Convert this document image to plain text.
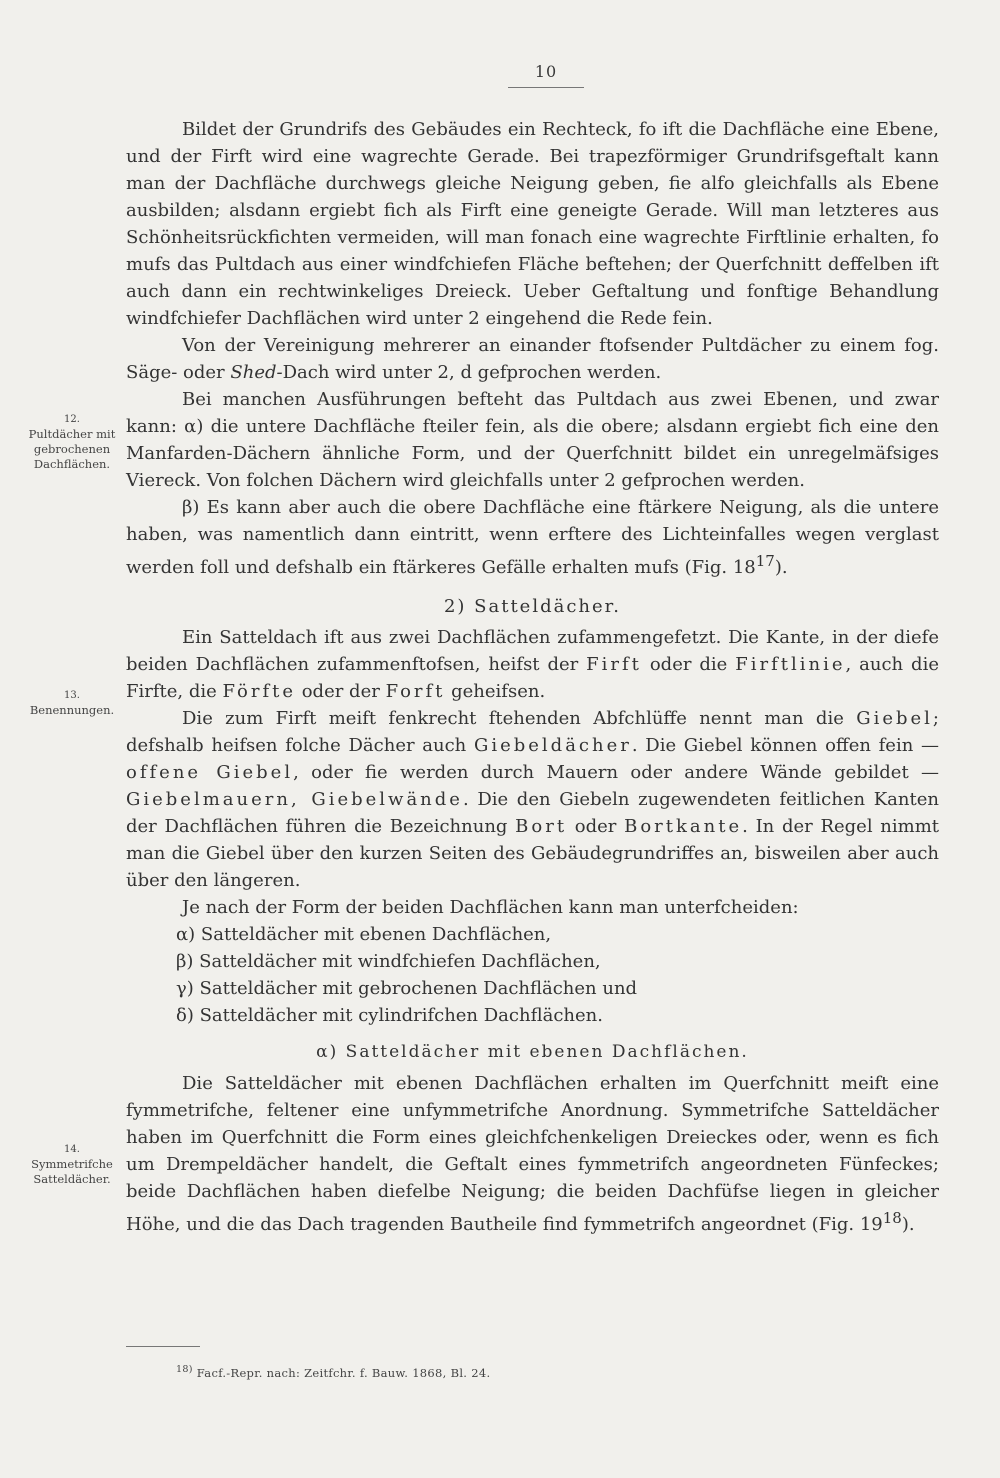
10
12.
Pultdächer mit gebrochenen Dachflächen.
13.
Benennungen.
14.
Symmetrifche Satteldächer.

Bildet der Grundrifs des Gebäudes ein Rechteck, fo ift die Dachfläche eine Ebene, und der Firft wird eine wagrechte Gerade. Bei trapezförmiger Grundrifsgeftalt kann man der Dachfläche durchwegs gleiche Neigung geben, fie alfo gleichfalls als Ebene ausbilden; alsdann ergiebt fich als Firft eine geneigte Gerade. Will man letzteres aus Schönheitsrückfichten vermeiden, will man fonach eine wagrechte Firftlinie erhalten, fo mufs das Pultdach aus einer windfchiefen Fläche beftehen; der Querfchnitt deffelben ift auch dann ein rechtwinkeliges Dreieck. Ueber Geftaltung und fonftige Behandlung windfchiefer Dachflächen wird unter 2 eingehend die Rede fein.

Von der Vereinigung mehrerer an einander ftofsender Pultdächer zu einem fog. Säge- oder Shed-Dach wird unter 2, d gefprochen werden.

Bei manchen Ausführungen befteht das Pultdach aus zwei Ebenen, und zwar kann: α) die untere Dachfläche fteiler fein, als die obere; alsdann ergiebt fich eine den Manfarden-Dächern ähnliche Form, und der Querfchnitt bildet ein unregelmäfsiges Viereck. Von folchen Dächern wird gleichfalls unter 2 gefprochen werden.

β) Es kann aber auch die obere Dachfläche eine ftärkere Neigung, als die untere haben, was namentlich dann eintritt, wenn erftere des Lichteinfalles wegen verglast werden foll und defshalb ein ftärkeres Gefälle erhalten mufs (Fig. $18^{17}$).

2) Satteldächer.

Ein Satteldach ift aus zwei Dachflächen zufammengefetzt. Die Kante, in der diefe beiden Dachflächen zufammenftofsen, heifst der Firft oder die Firftlinie, auch die Firfte, die Förfte oder der Forft geheifsen.

Die zum Firft meift fenkrecht ftehenden Abfchlüffe nennt man die Giebel; defshalb heifsen folche Dächer auch Giebeldächer. Die Giebel können offen fein — offene Giebel, oder fie werden durch Mauern oder andere Wände gebildet — Giebelmauern, Giebelwände. Die den Giebeln zugewendeten feitlichen Kanten der Dachflächen führen die Bezeichnung Bort oder Bortkante. In der Regel nimmt man die Giebel über den kurzen Seiten des Gebäudegrundriffes an, bisweilen aber auch über den längeren.

Je nach der Form der beiden Dachflächen kann man unterfcheiden:

α) Satteldächer mit ebenen Dachflächen,

β) Satteldächer mit windfchiefen Dachflächen,

γ) Satteldächer mit gebrochenen Dachflächen und

δ) Satteldächer mit cylindrifchen Dachflächen.

α) Satteldächer mit ebenen Dachflächen.

Die Satteldächer mit ebenen Dachflächen erhalten im Querfchnitt meift eine fymmetrifche, feltener eine unfymmetrifche Anordnung. Symmetrifche Satteldächer haben im Querfchnitt die Form eines gleichfchenkeligen Dreieckes oder, wenn es fich um Drempeldächer handelt, die Geftalt eines fymmetrifch angeordneten Fünfeckes; beide Dachflächen haben diefelbe Neigung; die beiden Dachfüfse liegen in gleicher Höhe, und die das Dach tragenden Bautheile find fymmetrifch angeordnet (Fig. $19^{18}$).

$^{18)}$ Facf.-Repr. nach: Zeitfchr. f. Bauw. 1868, Bl. 24.
